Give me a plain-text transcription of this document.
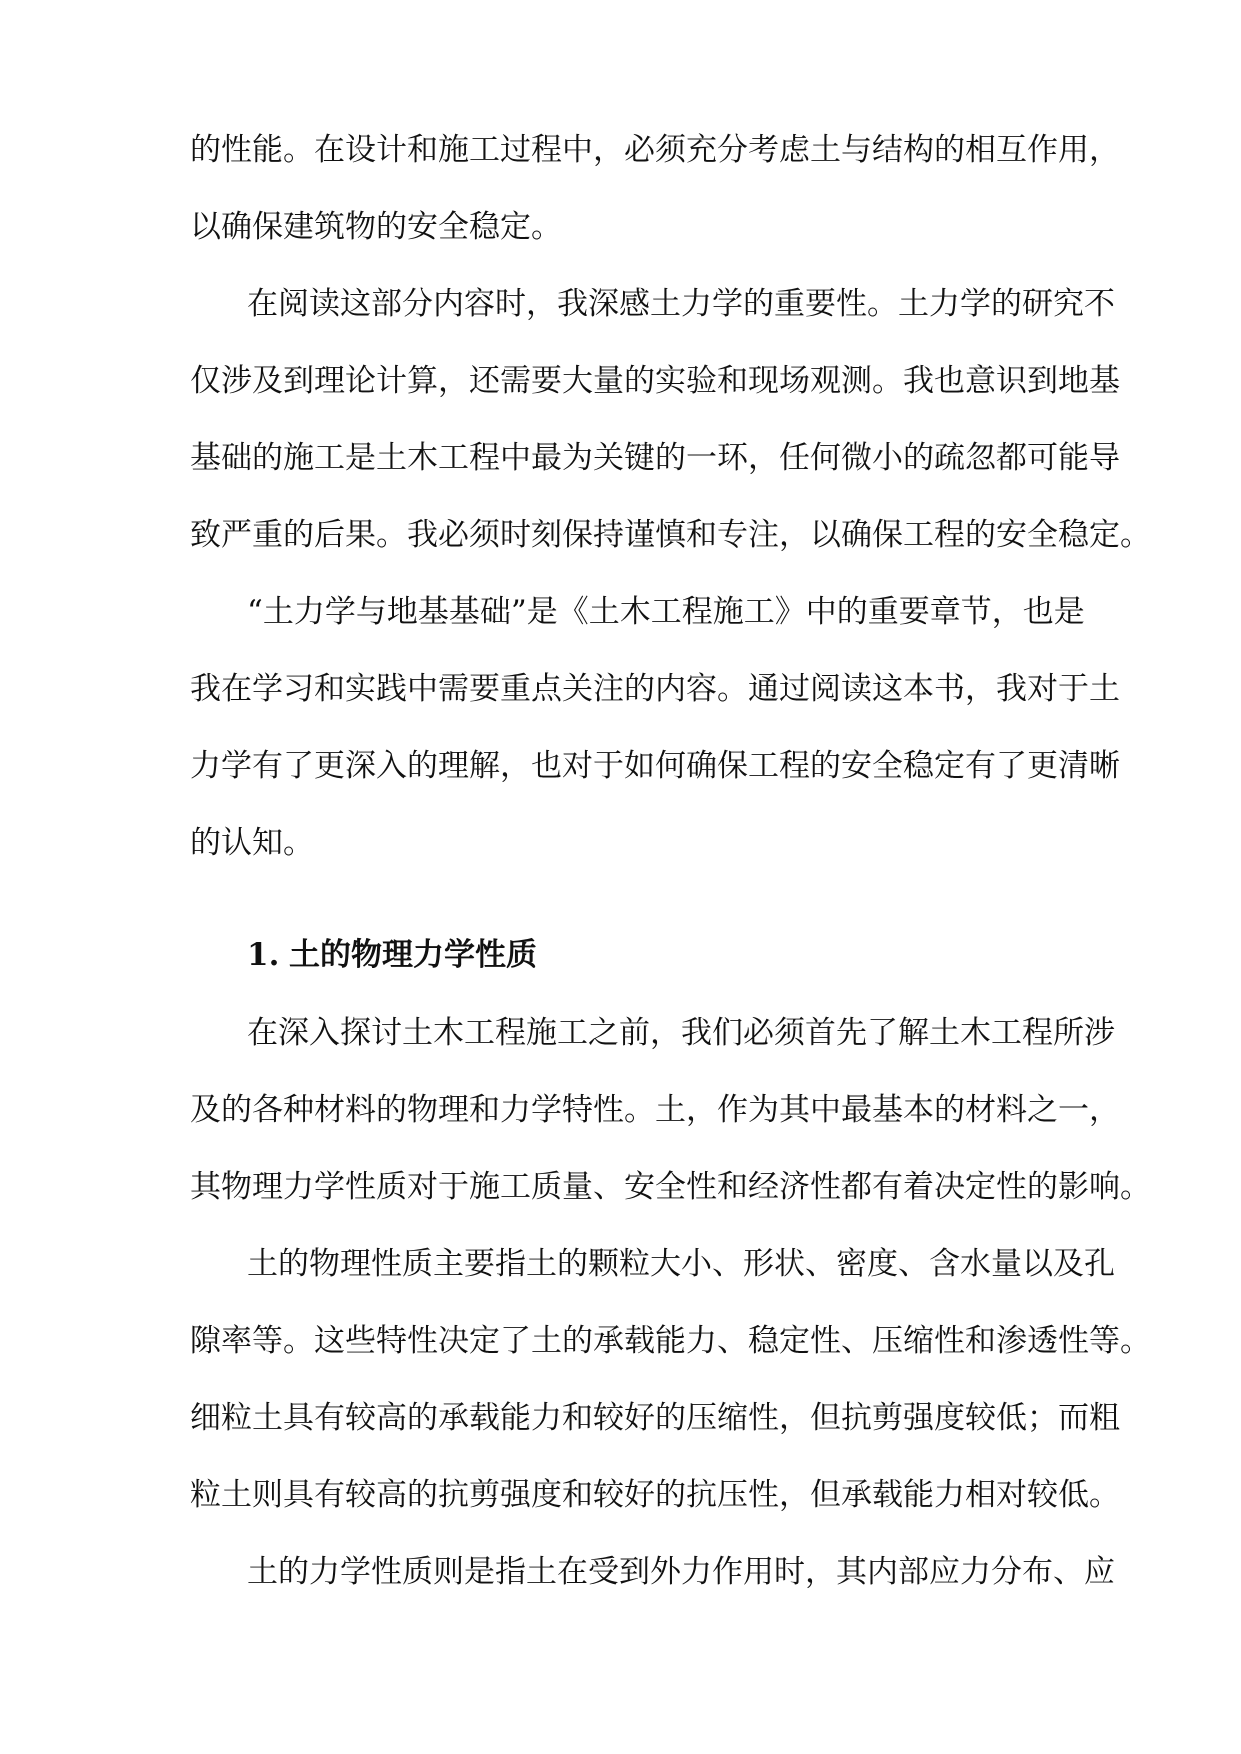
的性能。在设计和施工过程中，必须充分考虑土与结构的相互作用，
以确保建筑物的安全稳定。
在阅读这部分内容时，我深感土力学的重要性。土力学的研究不
仅涉及到理论计算，还需要大量的实验和现场观测。我也意识到地基
基础的施工是土木工程中最为关键的一环，任何微小的疏忽都可能导
致严重的后果。我必须时刻保持谨慎和专注，以确保工程的安全稳定。
“土力学与地基基础”是《土木工程施工》中的重要章节，也是
我在学习和实践中需要重点关注的内容。通过阅读这本书，我对于土
力学有了更深入的理解，也对于如何确保工程的安全稳定有了更清晰
的认知。
1. 土的物理力学性质
在深入探讨土木工程施工之前，我们必须首先了解土木工程所涉
及的各种材料的物理和力学特性。土，作为其中最基本的材料之一，
其物理力学性质对于施工质量、安全性和经济性都有着决定性的影响。
土的物理性质主要指土的颗粒大小、形状、密度、含水量以及孔
隙率等。这些特性决定了土的承载能力、稳定性、压缩性和渗透性等。
细粒土具有较高的承载能力和较好的压缩性，但抗剪强度较低；而粗
粒土则具有较高的抗剪强度和较好的抗压性，但承载能力相对较低。
土的力学性质则是指土在受到外力作用时，其内部应力分布、应
